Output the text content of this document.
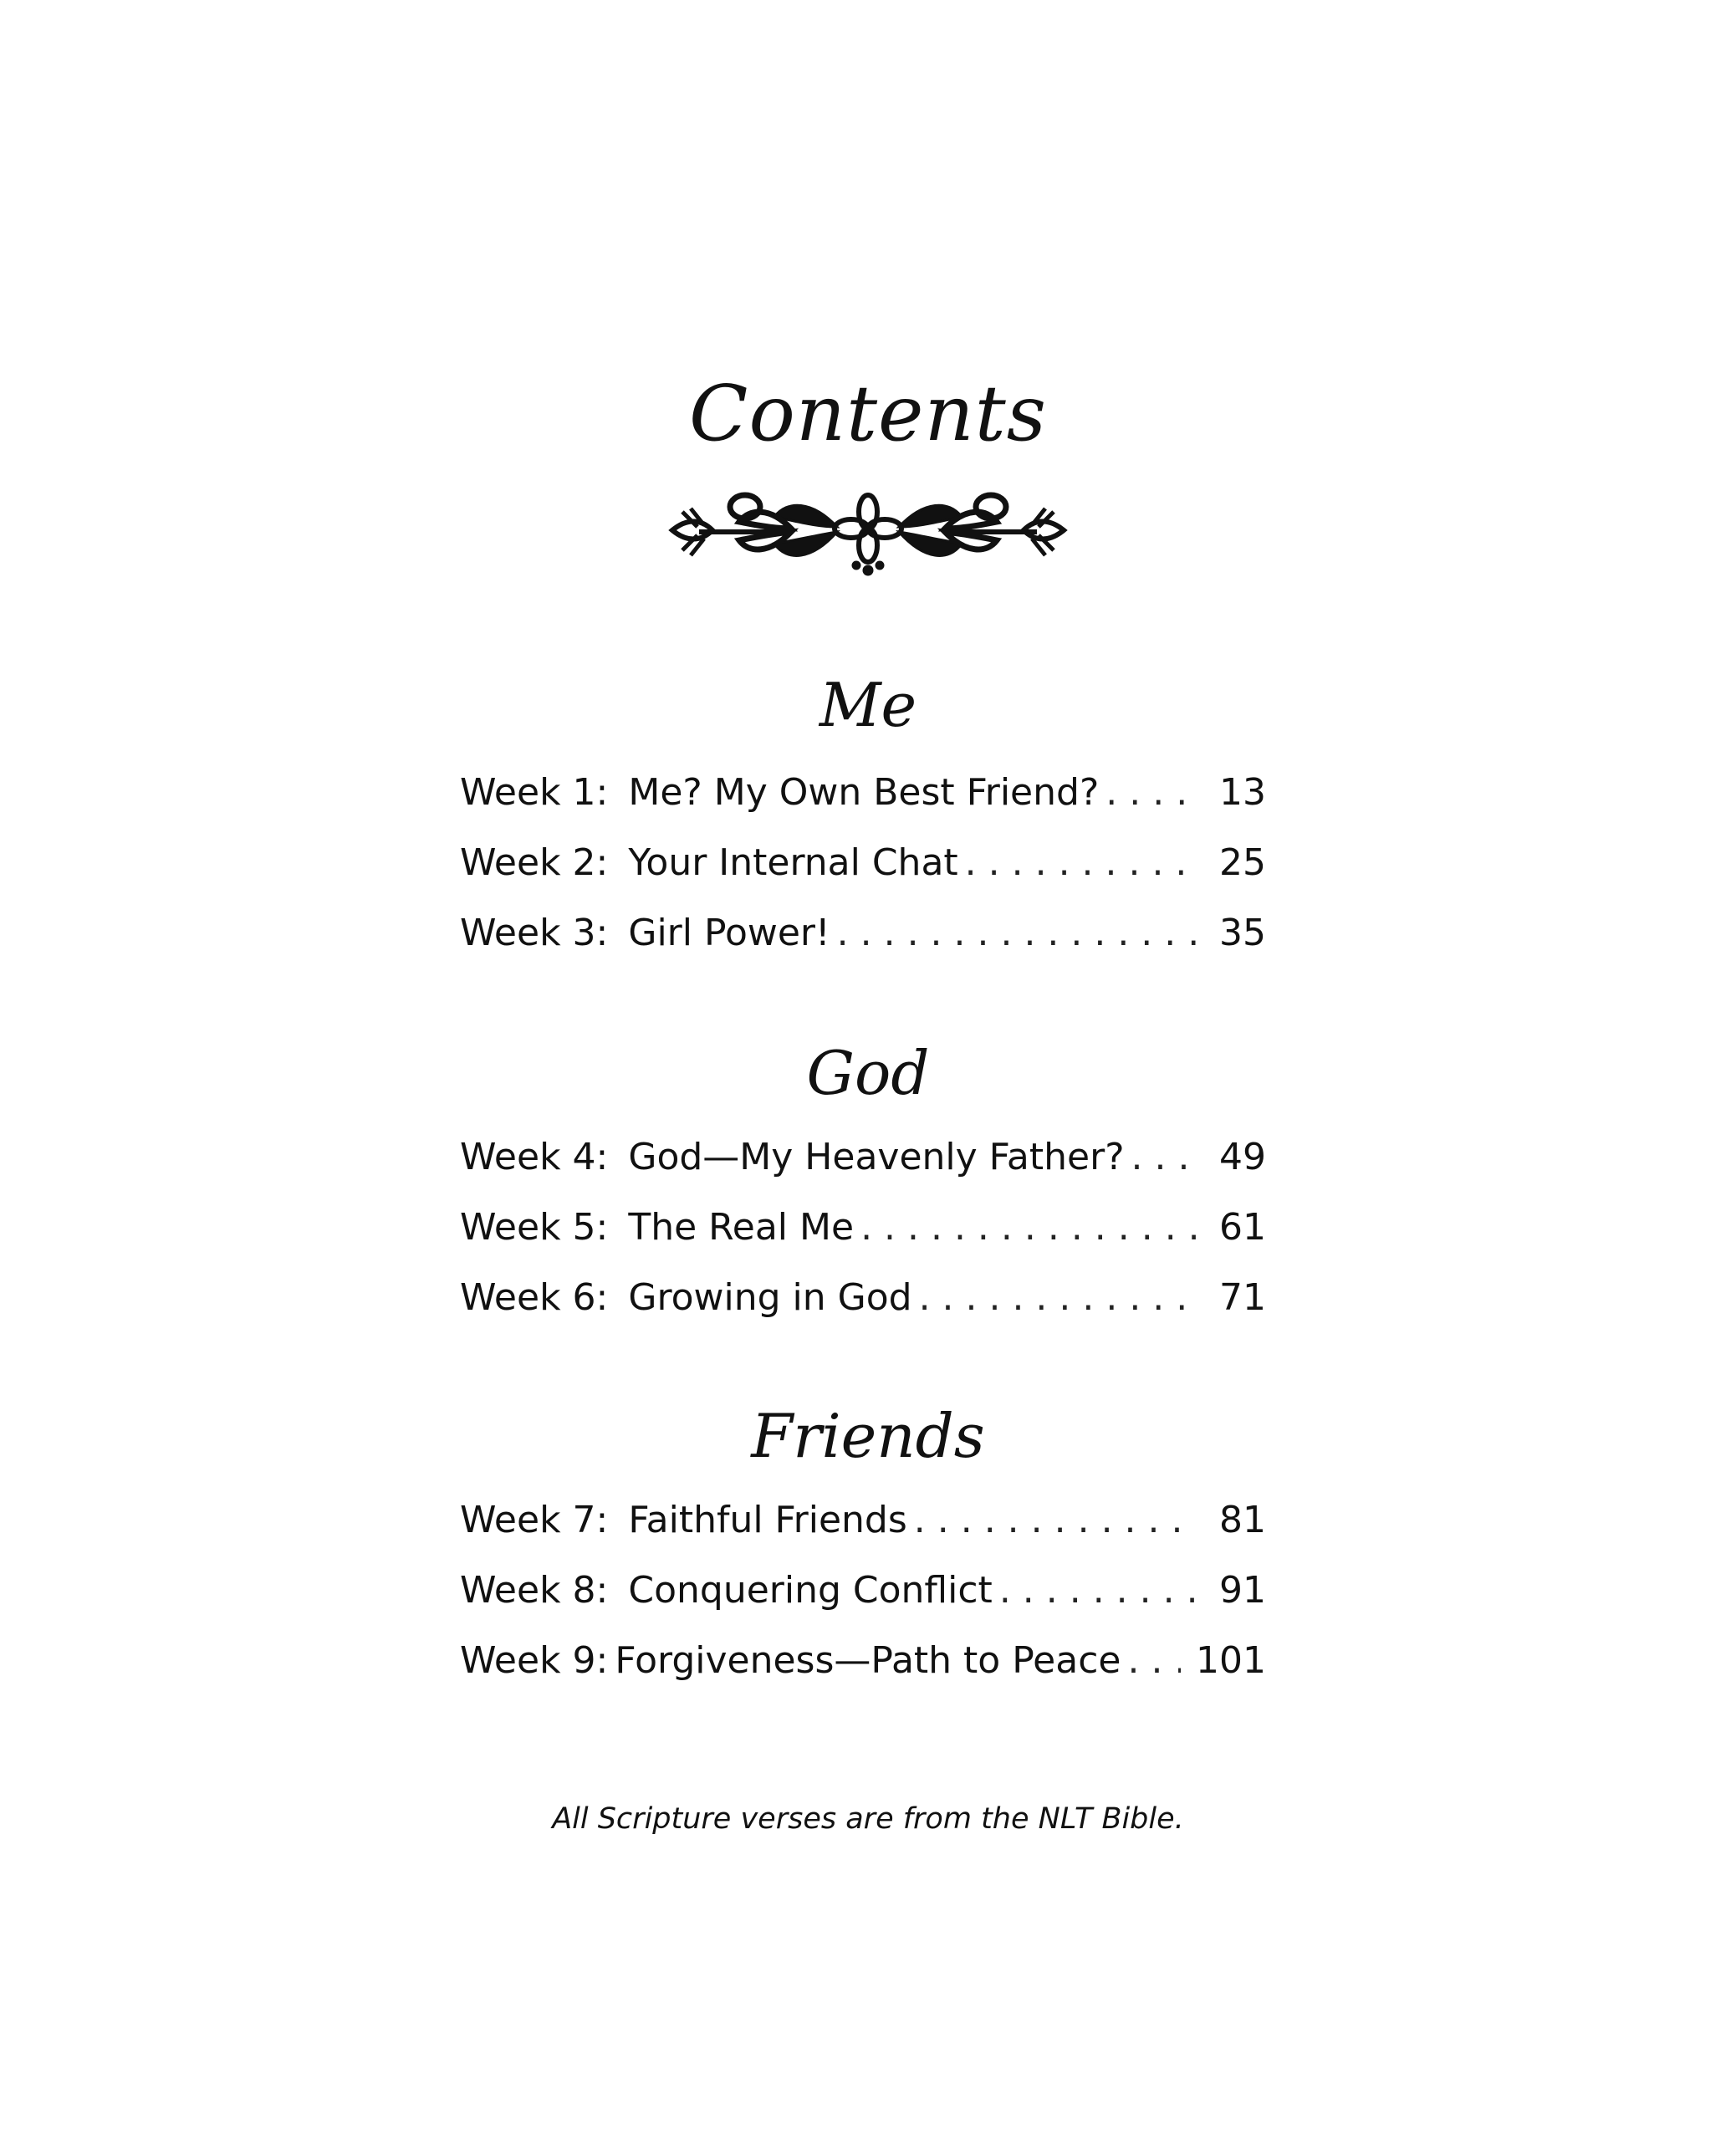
Contents
Me
Week 1: Me? My Own Best Friend? . . .	13
Week 2: Your Internal Chat . . .	25
Week 3: Girl Power! . . .	35
God
Week 4: God—My Heavenly Father? . . .	49
Week 5: The Real Me . . .	61
Week 6: Growing in God . . .	71
Friends
Week 7: Faithful Friends . . .	81
Week 8: Conquering Conflict . . .	91
Week 9: Forgiveness—Path to Peace . . . 101
All Scripture verses are from the NLT Bible.
